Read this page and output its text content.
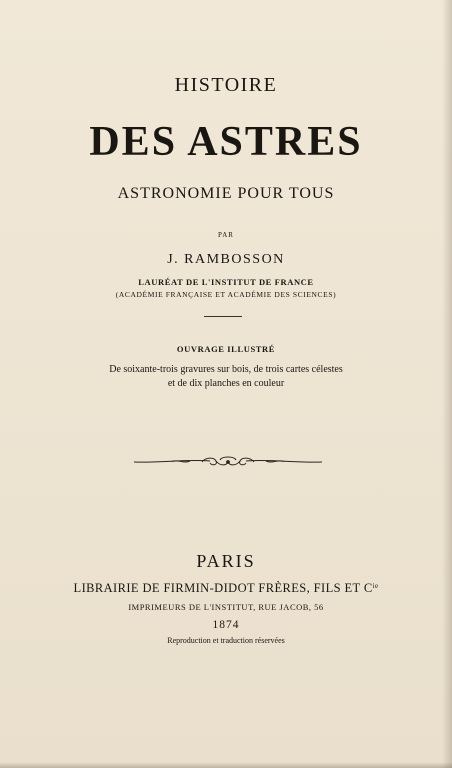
HISTOIRE
DES ASTRES
ASTRONOMIE POUR TOUS
PAR
J. RAMBOSSON
LAURÉAT DE L'INSTITUT DE FRANCE
(ACADÉMIE FRANÇAISE ET ACADÉMIE DES SCIENCES)
OUVRAGE ILLUSTRÉ
De soixante-trois gravures sur bois, de trois cartes célestes
et de dix planches en couleur
PARIS
LIBRAIRIE DE FIRMIN-DIDOT FRÈRES, FILS ET $C^{ie}$
IMPRIMEURS DE L'INSTITUT, RUE JACOB, 56
1874
Reproduction et traduction réservées
